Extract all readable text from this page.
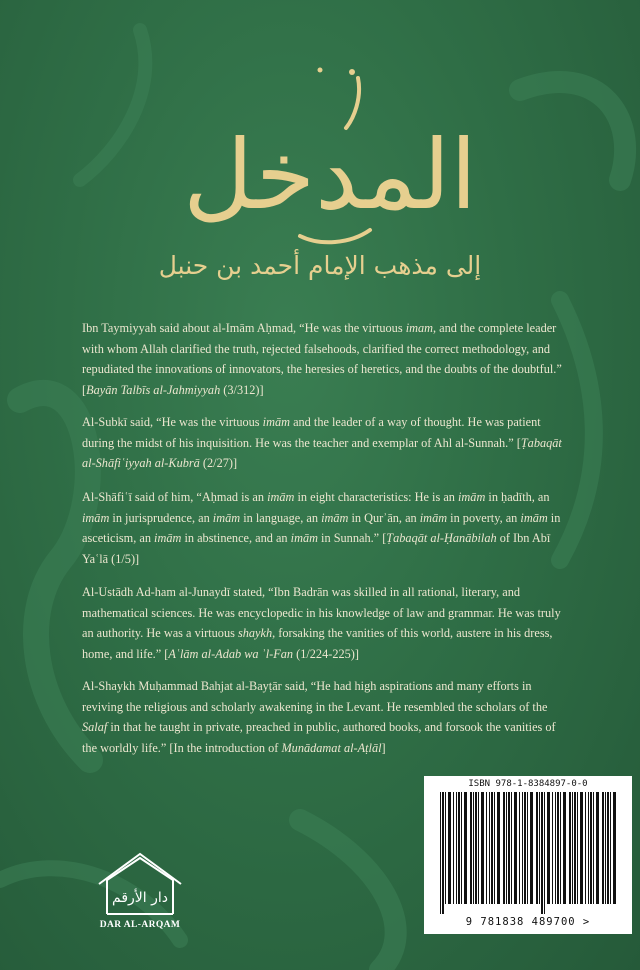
المدخل
إلى مذهب الإمام أحمد بن حنبل

Ibn Taymiyyah said about al-Imām Aḥmad, “He was the virtuous imam, and the complete leader with whom Allah clarified the truth, rejected falsehoods, clarified the correct methodology, and repudiated the innovations of innovators, the heresies of heretics, and the doubts of the doubtful.” [Bayān Talbīs al-Jahmiyyah (3/312)]

Al-Subkī said, “He was the virtuous imām and the leader of a way of thought. He was patient during the midst of his inquisition. He was the teacher and exemplar of Ahl al-Sunnah.” [Ṭabaqāt al-Shāfiʿiyyah al-Kubrā (2/27)]

Al-Shāfiʿī said of him, “Aḥmad is an imām in eight characteristics: He is an imām in ḥadīth, an imām in jurisprudence, an imām in language, an imām in Qurʾān, an imām in poverty, an imām in asceticism, an imām in abstinence, and an imām in Sunnah.” [Ṭabaqāt al-Ḥanābilah of Ibn Abī Yaʿlā (1/5)]

Al-Ustādh Ad-ham al-Junaydī stated, “Ibn Badrān was skilled in all rational, literary, and mathematical sciences. He was encyclopedic in his knowledge of law and grammar. He was truly an authority. He was a virtuous shaykh, forsaking the vanities of this world, austere in his dress, home, and life.” [Aʿlām al-Adab wa ʾl-Fan (1/224-225)]

Al-Shaykh Muḥammad Bahjat al-Bayṭār said, “He had high aspirations and many efforts in reviving the religious and scholarly awakening in the Levant. He resembled the scholars of the Salaf in that he taught in private, preached in public, authored books, and forsook the vanities of the worldly life.” [In the introduction of Munādamat al-Aṭlāl]

دار الأرقم
DAR AL-ARQAM
ISBN 978-1-8384897-0-0
9 781838 489700 >
